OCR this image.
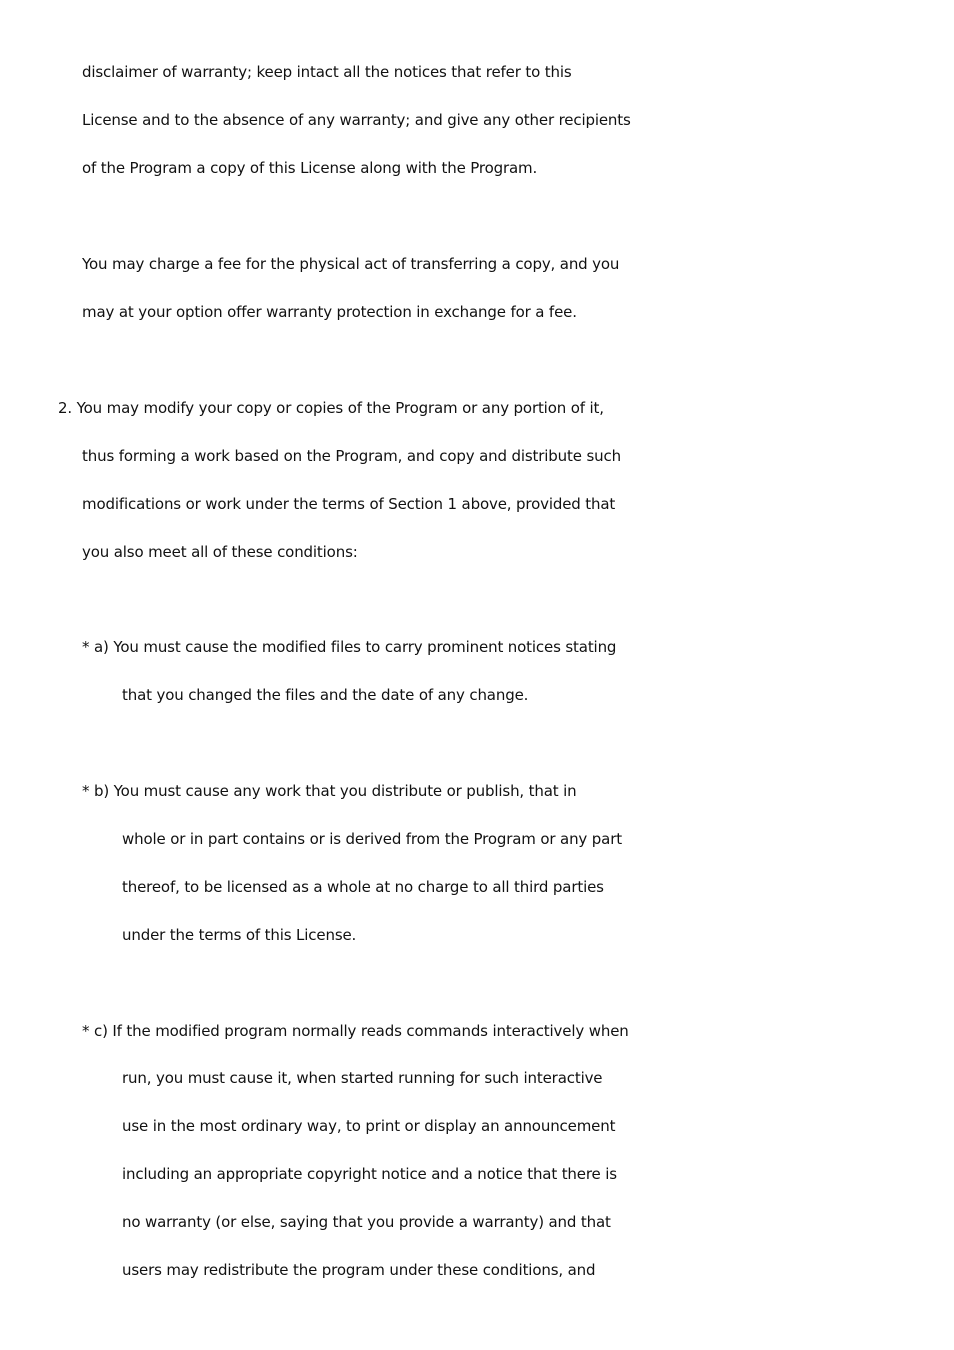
disclaimer of warranty; keep intact all the notices that refer to this
License and to the absence of any warranty; and give any other recipients
of the Program a copy of this License along with the Program.
You may charge a fee for the physical act of transferring a copy, and you
may at your option offer warranty protection in exchange for a fee.
2. You may modify your copy or copies of the Program or any portion of it,
thus forming a work based on the Program, and copy and distribute such
modifications or work under the terms of Section 1 above, provided that
you also meet all of these conditions:
* a) You must cause the modified files to carry prominent notices stating
that you changed the files and the date of any change.
* b) You must cause any work that you distribute or publish, that in
whole or in part contains or is derived from the Program or any part
thereof, to be licensed as a whole at no charge to all third parties
under the terms of this License.
* c) If the modified program normally reads commands interactively when
run, you must cause it, when started running for such interactive
use in the most ordinary way, to print or display an announcement
including an appropriate copyright notice and a notice that there is
no warranty (or else, saying that you provide a warranty) and that
users may redistribute the program under these conditions, and
